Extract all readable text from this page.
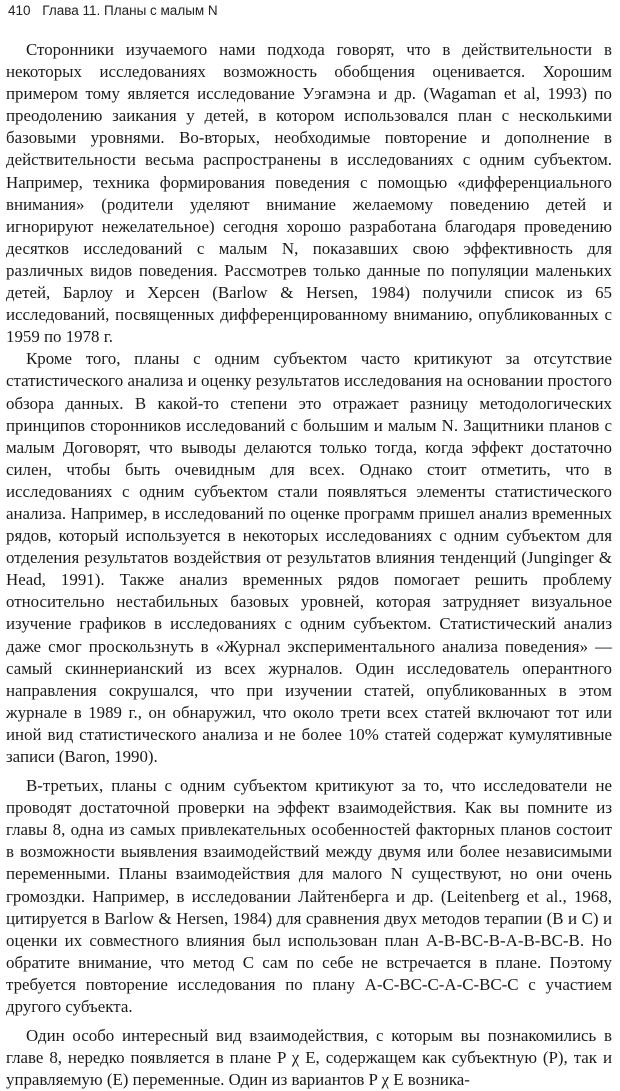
410 Глава 11. Планы с малым N

Сторонники изучаемого нами подхода говорят, что в действительности в некоторых исследованиях возможность обобщения оценивается. Хорошим примером тому является исследование Уэгамэна и др. (Wagaman et al, 1993) по преодолению заикания у детей, в котором использовался план с несколькими базовыми уровнями. Во-вторых, необходимые повторение и дополнение в действительности весьма распространены в исследованиях с одним субъектом. Например, техника формирования поведения с помощью «дифференциального внимания» (родители уделяют внимание желаемому поведению детей и игнорируют нежелательное) сегодня хорошо разработана благодаря проведению десятков исследований с малым N, показавших свою эффективность для различных видов поведения. Рассмотрев только данные по популяции маленьких детей, Барлоу и Херсен (Barlow & Hersen, 1984) получили список из 65 исследований, посвященных дифференцированному вниманию, опубликованных с 1959 по 1978 г.

Кроме того, планы с одним субъектом часто критикуют за отсутствие статистического анализа и оценку результатов исследования на основании простого обзора данных. В какой-то степени это отражает разницу методологических принципов сторонников исследований с большим и малым N. Защитники планов с малым Договорят, что выводы делаются только тогда, когда эффект достаточно силен, чтобы быть очевидным для всех. Однако стоит отметить, что в исследованиях с одним субъектом стали появляться элементы статистического анализа. Например, в исследований по оценке программ пришел анализ временных рядов, который используется в некоторых исследованиях с одним субъектом для отделения результатов воздействия от результатов влияния тенденций (Junginger & Head, 1991). Также анализ временных рядов помогает решить проблему относительно нестабильных базовых уровней, которая затрудняет визуальное изучение графиков в исследованиях с одним субъектом. Статистический анализ даже смог проскользнуть в «Журнал экспериментального анализа поведения» — самый скиннерианский из всех журналов. Один исследователь оперантного направления сокрушался, что при изучении статей, опубликованных в этом журнале в 1989 г., он обнаружил, что около трети всех статей включают тот или иной вид статистического анализа и не более 10% статей содержат кумулятивные записи (Baron, 1990).

В-третьих, планы с одним субъектом критикуют за то, что исследователи не проводят достаточной проверки на эффект взаимодействия. Как вы помните из главы 8, одна из самых привлекательных особенностей факторных планов состоит в возможности выявления взаимодействий между двумя или более независимыми переменными. Планы взаимодействия для малого N существуют, но они очень громоздки. Например, в исследовании Лайтенберга и др. (Leitenberg et al., 1968, цитируется в Barlow & Hersen, 1984) для сравнения двух методов терапии (В и С) и оценки их совместного влияния был использован план А-В-ВС-В-А-В-ВС-В. Но обратите внимание, что метод С сам по себе не встречается в плане. Поэтому требуется повторение исследования по плану А-С-ВС-С-А-С-ВС-С с участием другого субъекта.

Один особо интересный вид взаимодействия, с которым вы познакомились в главе 8, нередко появляется в плане P χ E, содержащем как субъектную (Р), так и управляемую (Е) переменные. Один из вариантов P χ E возника-
